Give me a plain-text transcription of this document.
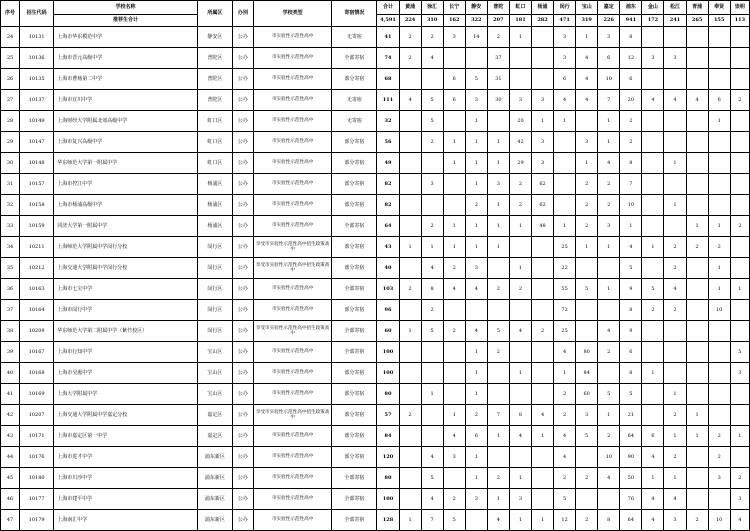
序号	招生代码	学校名称	所属区	办别	学校类型	寄宿情况	合计	黄浦	徐汇	长宁	静安	普陀	虹口	杨浦	闵行	宝山	嘉定	浦东	金山	松江	青浦	奉贤	崇明
		推荐生合计					4,591	224	310	162	322	207	181	282	471	319	226	941	172	241	265	155	113
24	10131	上海市华东模范中学	静安区	公办	市实验性示范性高中	无寄宿	41	2	2	3	14	2	1		3	1	3	8					
25	10136	上海市晋元高级中学	普陀区	公办	市实验性示范性高中	全部寄宿	74	2	4			37			3	4	6	12	3	3			
26	10135	上海市曹杨第二中学	普陀区	公办	市实验性示范性高中	部分寄宿	68			6	5	31			6	4	10	6					
27	10137	上海市宜川中学	普陀区	公办	市实验性示范性高中	无寄宿	111	4	5	6	3	30	3	3	4	4	7	20	4	4	4	6	2
28	10149	上海财经大学附属北郊高级中学	虹口区	公办	市实验性示范性高中	无寄宿	32		5		1		20	1	1		1	2				1	
29	10147	上海市复兴高级中学	虹口区	公办	市实验性示范性高中	部分寄宿	56		2	1	1	1	42	3		3	1	2					
30	10148	华东师范大学第一附属中学	虹口区	公办	市实验性示范性高中	部分寄宿	49			1	1	1	29	3		1	4	8		1			
31	10157	上海市控江中学	杨浦区	公办	市实验性示范性高中	部分寄宿	82		3		1	3	2	62		2	2	7					
32	10158	上海市杨浦高级中学	杨浦区	公办	市实验性示范性高中	部分寄宿	82				2	1	2	62		2	2	10		1			
33	10159	同济大学第一附属中学	杨浦区	公办	市实验性示范性高中	全部寄宿	64		2	1	1	1	1	48	1	2	3	1			1	1	2
34	10211	上海师范大学附属中学闵行分校	闵行区	公办	享受市实验性示范性高中招生政策高中	部分寄宿	43	1	1	1	1	1			25	1	1	4	1	2	2	2	
35	10212	上海交通大学附属中学闵行分校	闵行区	公办	享受市实验性示范性高中招生政策高中	部分寄宿	40		4	2	3		1		22			5		2		1	
36	10163	上海市七宝中学	闵行区	公办	市实验性示范性高中	全部寄宿	103	2	8	4	4	2	2		55	5	1	9	5	4		1	1
37	10164	上海市闵行中学	闵行区	公办	市实验性示范性高中	部分寄宿	96		2						72			8	2	2		10	
38	10209	华东师范大学第二附属中学（紫竹校区）	闵行区	公办	享受市实验性示范性高中招生政策高中	全部寄宿	60	1	5	2	4	5	4	2	25		4	9					
39	10167	上海市行知中学	宝山区	公办	市实验性示范性高中	全部寄宿	100				1	2			4	80	2	6					5
40	10168	上海市吴淞中学	宝山区	公办	市实验性示范性高中	部分寄宿	100				1		1		1	84		8	1				3
41	10169	上海大学附属中学	宝山区	公办	市实验性示范性高中	部分寄宿	80		1		1				2	60	5	5		1			
42	10207	上海交通大学附属中学嘉定分校	嘉定区	公办	享受市实验性示范性高中招生政策高中	部分寄宿	57	2		1	2	7	8	4	2	3	1	21		2	1		
43	10171	上海市嘉定区第一中学	嘉定区	公办	市实验性示范性高中	部分寄宿	84			4	6	1	4	1	4	5	2	64	6	1	1	2	1
44	10176	上海市进才中学	浦东新区	公办	市实验性示范性高中	部分寄宿	120		4	3	1				4		10	90	4	2		2	
45	10180	上海市川沙中学	浦东新区	公办	市实验性示范性高中	全部寄宿	80		5		1	2	1		2	2	4	50	1	1		3	2
46	10177	上海市建平中学	浦东新区	公办	市实验性示范性高中	全部寄宿	100		4	2	3	1	3		5			76	4	4			3
47	10179	上海南汇中学	浦东新区	公办	市实验性示范性高中	全部寄宿	128	1	7	5		4	1	1	12	2	8	64	4	3	2	10	4
